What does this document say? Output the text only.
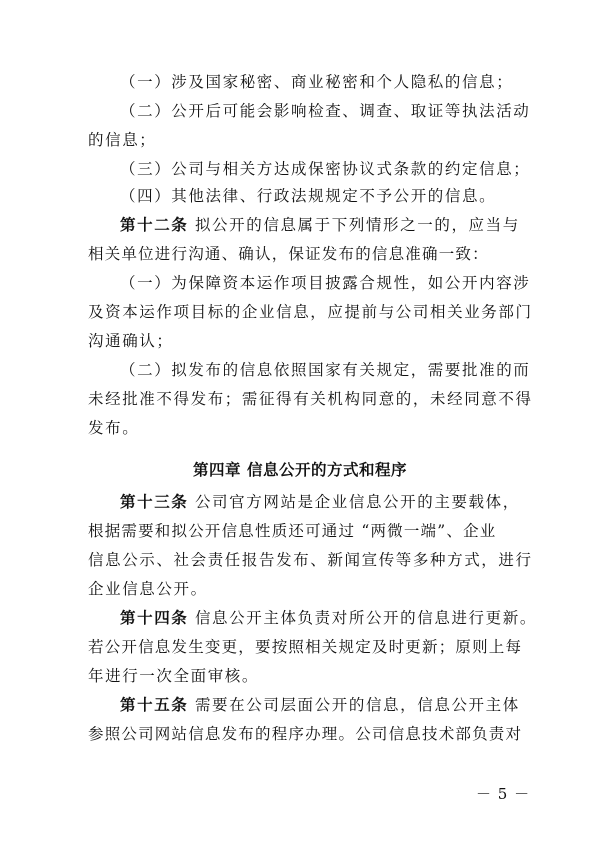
（一）涉及国家秘密、商业秘密和个人隐私的信息；
（二）公开后可能会影响检查、调查、取证等执法活动
的信息；
（三）公司与相关方达成保密协议式条款的约定信息；
（四）其他法律、行政法规规定不予公开的信息。
第十二条 拟公开的信息属于下列情形之一的，应当与
相关单位进行沟通、确认，保证发布的信息准确一致：
（一）为保障资本运作项目披露合规性，如公开内容涉
及资本运作项目标的企业信息，应提前与公司相关业务部门
沟通确认；
（二）拟发布的信息依照国家有关规定，需要批准的而
未经批准不得发布；需征得有关机构同意的，未经同意不得
发布。
第四章 信息公开的方式和程序
第十三条 公司官方网站是企业信息公开的主要载体，
根据需要和拟公开信息性质还可通过 “两微一端”、企业
信息公示、社会责任报告发布、新闻宣传等多种方式，进行
企业信息公开。
第十四条 信息公开主体负责对所公开的信息进行更新。
若公开信息发生变更，要按照相关规定及时更新；原则上每
年进行一次全面审核。
第十五条 需要在公司层面公开的信息，信息公开主体
参照公司网站信息发布的程序办理。公司信息技术部负责对
－ 5 －
